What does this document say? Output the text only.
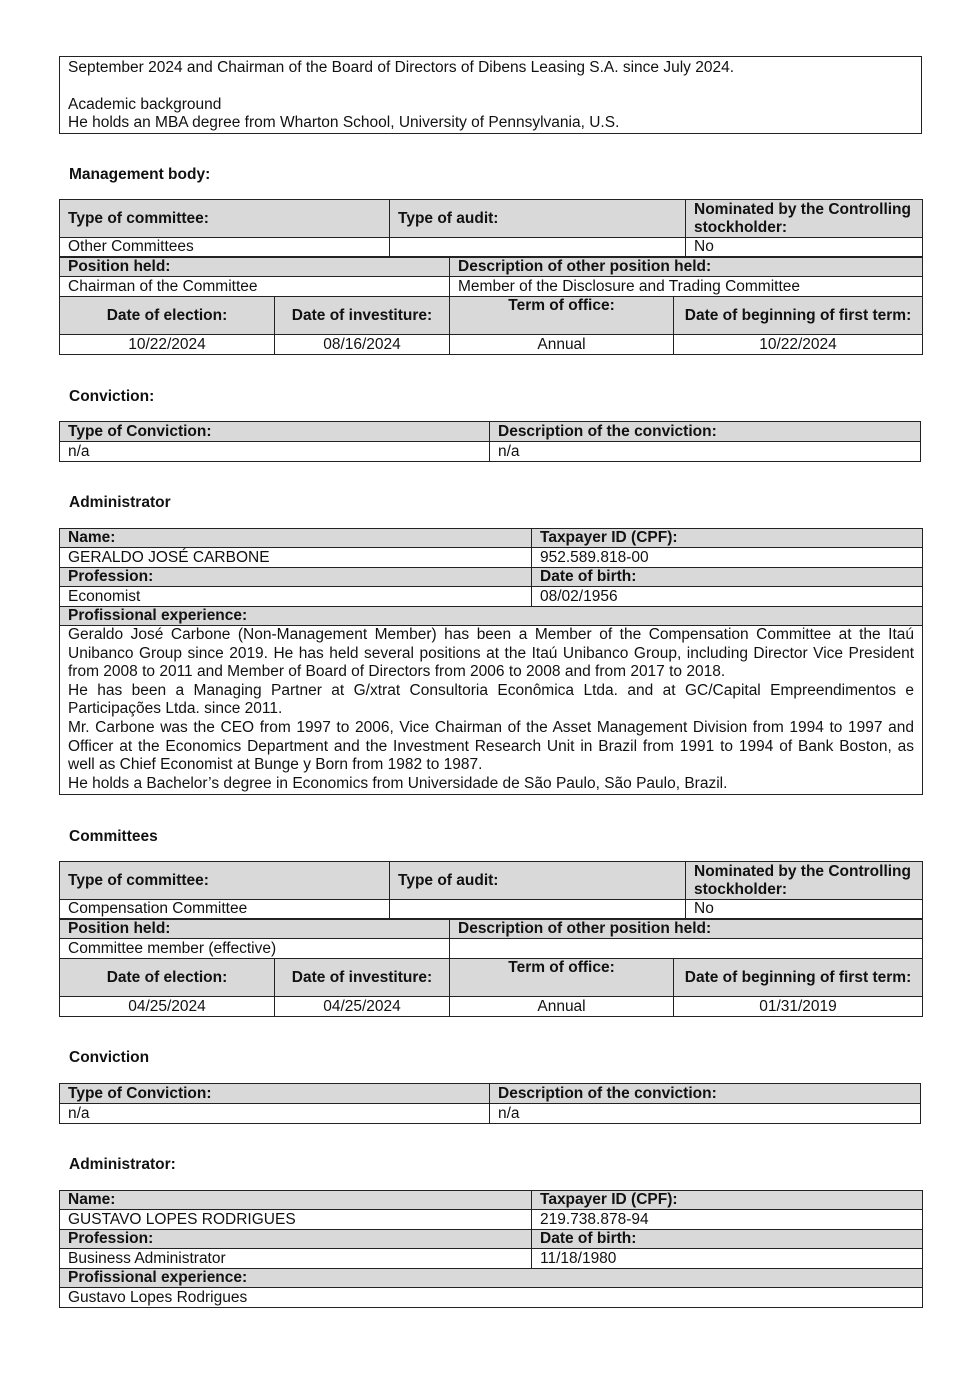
September 2024 and Chairman of the Board of Directors of Dibens Leasing S.A. since July 2024.
Academic background
He holds an MBA degree from Wharton School, University of Pennsylvania, U.S.
Management body:
Type of committee:	Type of audit:	Nominated by the Controlling stockholder:
Other Committees		No
Position held:	Description of other position held:
Chairman of the Committee	Member of the Disclosure and Trading Committee
Date of election:	Date of investiture:	Term of office:	Date of beginning of first term:
10/22/2024	08/16/2024	Annual	10/22/2024
Conviction:
Type of Conviction:	Description of the conviction:
n/a	n/a
Administrator
Name:	Taxpayer ID (CPF):
GERALDO JOSÉ CARBONE	952.589.818-00
Profession:	Date of birth:
Economist	08/02/1956
Profissional experience:	

Geraldo José Carbone (Non-Management Member) has been a Member of the Compensation Committee at the Itaú Unibanco Group since 2019. He has held several positions at the Itaú Unibanco Group, including Director Vice President from 2008 to 2011 and Member of Board of Directors from 2006 to 2008 and from 2017 to 2018.
He has been a Managing Partner at G/xtrat Consultoria Econômica Ltda. and at GC/Capital Empreendimentos e Participações Ltda. since 2011.
Mr. Carbone was the CEO from 1997 to 2006, Vice Chairman of the Asset Management Division from 1994 to 1997 and Officer at the Economics Department and the Investment Research Unit in Brazil from 1991 to 1994 of Bank Boston, as well as Chief Economist at Bunge y Born from 1982 to 1987.
He holds a Bachelor’s degree in Economics from Universidade de São Paulo, São Paulo, Brazil.	
Committees
Type of committee:	Type of audit:	Nominated by the Controlling stockholder:
Compensation Committee		No
Position held:	Description of other position held:
Committee member (effective)	
Date of election:	Date of investiture:	Term of office:	Date of beginning of first term:
04/25/2024	04/25/2024	Annual	01/31/2019
Conviction
Type of Conviction:	Description of the conviction:
n/a	n/a
Administrator:
Name:	Taxpayer ID (CPF):
GUSTAVO LOPES RODRIGUES	219.738.878-94
Profession:	Date of birth:
Business Administrator	11/18/1980
Profissional experience:	
Gustavo Lopes Rodrigues	
